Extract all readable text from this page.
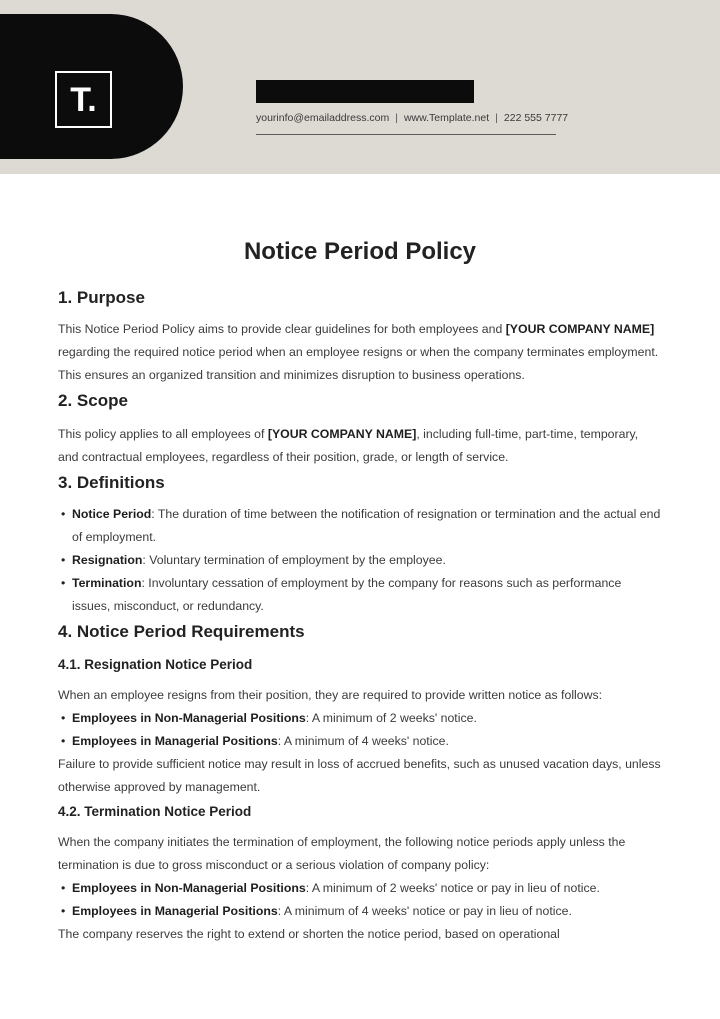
T.	yourinfo@emailaddress.com | www.Template.net | 222 555 7777
Notice Period Policy
1. Purpose

This Notice Period Policy aims to provide clear guidelines for both employees and [YOUR COMPANY NAME] regarding the required notice period when an employee resigns or when the company terminates employment. This ensures an organized transition and minimizes disruption to business operations.

2. Scope

This policy applies to all employees of [YOUR COMPANY NAME], including full-time, part-time, temporary, and contractual employees, regardless of their position, grade, or length of service.

3. Definitions
• Notice Period: The duration of time between the notification of resignation or termination and the actual end of employment.
• Resignation: Voluntary termination of employment by the employee.
• Termination: Involuntary cessation of employment by the company for reasons such as performance issues, misconduct, or redundancy.
4. Notice Period Requirements
4.1. Resignation Notice Period

When an employee resigns from their position, they are required to provide written notice as follows:

• Employees in Non-Managerial Positions: A minimum of 2 weeks' notice.
• Employees in Managerial Positions: A minimum of 4 weeks' notice.

Failure to provide sufficient notice may result in loss of accrued benefits, such as unused vacation days, unless otherwise approved by management.

4.2. Termination Notice Period

When the company initiates the termination of employment, the following notice periods apply unless the termination is due to gross misconduct or a serious violation of company policy:

• Employees in Non-Managerial Positions: A minimum of 2 weeks' notice or pay in lieu of notice.
• Employees in Managerial Positions: A minimum of 4 weeks' notice or pay in lieu of notice.

The company reserves the right to extend or shorten the notice period, based on operational
